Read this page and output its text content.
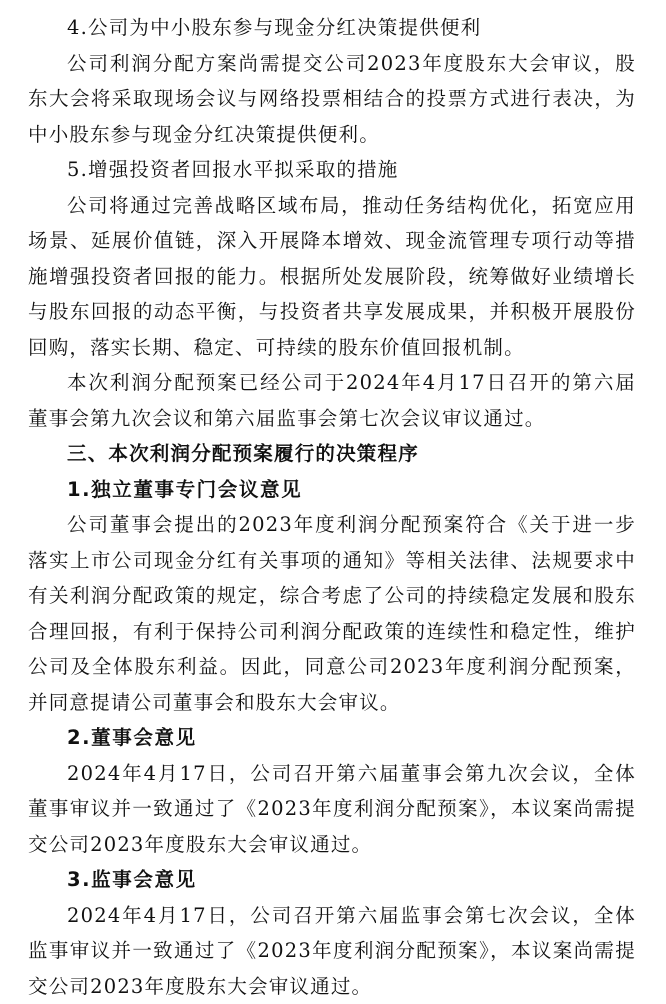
4.公司为中小股东参与现金分红决策提供便利

公司利润分配方案尚需提交公司2023年度股东大会审议，股东大会将采取现场会议与网络投票相结合的投票方式进行表决，为中小股东参与现金分红决策提供便利。

5.增强投资者回报水平拟采取的措施

公司将通过完善战略区域布局，推动任务结构优化，拓宽应用场景、延展价值链，深入开展降本增效、现金流管理专项行动等措施增强投资者回报的能力。根据所处发展阶段，统筹做好业绩增长与股东回报的动态平衡，与投资者共享发展成果，并积极开展股份回购，落实长期、稳定、可持续的股东价值回报机制。

本次利润分配预案已经公司于2024年4月17日召开的第六届董事会第九次会议和第六届监事会第七次会议审议通过。

三、本次利润分配预案履行的决策程序

1.独立董事专门会议意见

公司董事会提出的2023年度利润分配预案符合《关于进一步落实上市公司现金分红有关事项的通知》等相关法律、法规要求中有关利润分配政策的规定，综合考虑了公司的持续稳定发展和股东合理回报，有利于保持公司利润分配政策的连续性和稳定性，维护公司及全体股东利益。因此，同意公司2023年度利润分配预案，并同意提请公司董事会和股东大会审议。

2.董事会意见

2024年4月17日，公司召开第六届董事会第九次会议，全体董事审议并一致通过了《2023年度利润分配预案》，本议案尚需提交公司2023年度股东大会审议通过。

3.监事会意见

2024年4月17日，公司召开第六届监事会第七次会议，全体监事审议并一致通过了《2023年度利润分配预案》，本议案尚需提交公司2023年度股东大会审议通过。
